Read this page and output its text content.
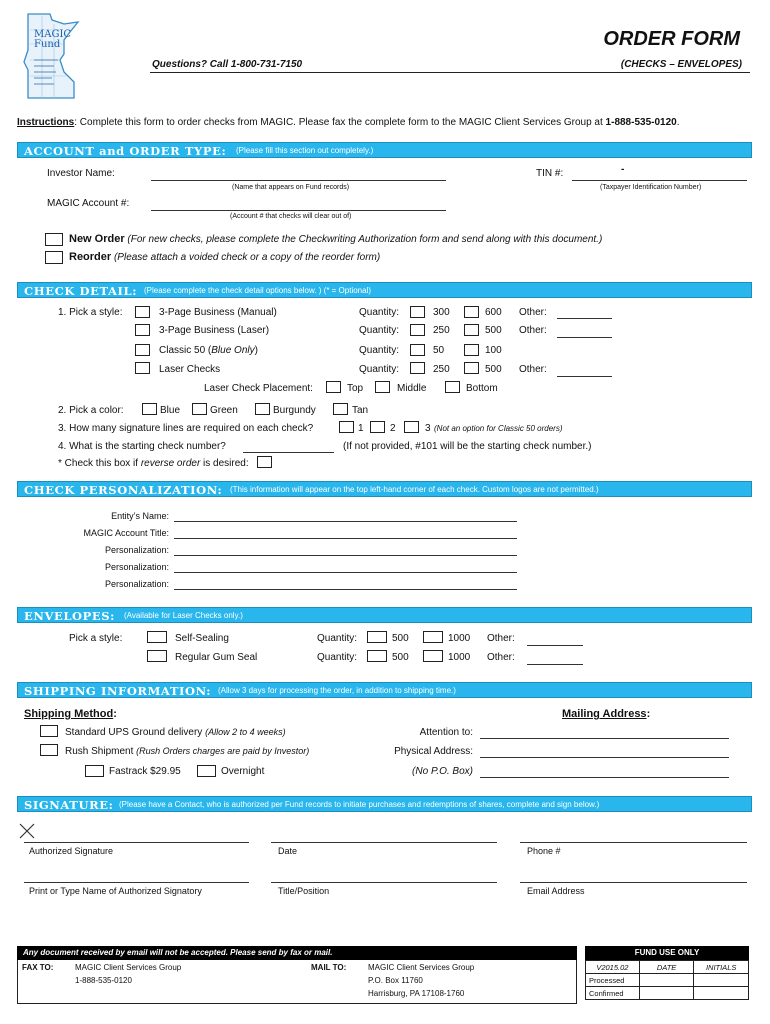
MAGIC Fund	ORDER FORM
Questions? Call 1-800-731-7150	(CHECKS – ENVELOPES)
Instructions: Complete this form to order checks from MAGIC. Please fax the complete form to the MAGIC Client Services Group at 1-888-535-0120.
ACCOUNT and ORDER TYPE: (Please fill this section out completely.)
Investor Name:
(Name that appears on Fund records)
TIN #:	-
(Taxpayer Identification Number)
MAGIC Account #:
(Account # that checks will clear out of)
New Order (For new checks, please complete the Checkwriting Authorization form and send along with this document.)
Reorder (Please attach a voided check or a copy of the reorder form)
CHECK DETAIL: (Please complete the check detail options below. ) (* = Optional)
1. Pick a style:	3-Page Business (Manual)	Quantity:	300	600 Other:
3-Page Business (Laser)	Quantity:	250	500 Other:
Classic 50 (Blue Only)	Quantity:	50	100
Laser Checks	Quantity:	250	500 Other:
Laser Check Placement:	Top	Middle	Bottom
2. Pick a color:	Blue	Green	Burgundy	Tan
3. How many signature lines are required on each check?	1	2	3 (Not an option for Classic 50 orders)
4. What is the starting check number?	(If not provided, #101 will be the starting check number.)
* Check this box if reverse order is desired:
CHECK PERSONALIZATION: (This information will appear on the top left-hand corner of each check. Custom logos are not permitted.)
Entity’s Name:
MAGIC Account Title:
Personalization:
Personalization:
Personalization:
ENVELOPES: (Available for Laser Checks only.)
Pick a style:	Self-Sealing	Quantity:	500	1000 Other:
Regular Gum Seal	Quantity:	500	1000 Other:
SHIPPING INFORMATION: (Allow 3 days for processing the order, in addition to shipping time.)
Shipping Method:
Standard UPS Ground delivery (Allow 2 to 4 weeks)
Rush Shipment (Rush Orders charges are paid by Investor)
Fastrack $29.95	Overnight
Mailing Address:
Attention to:
Physical Address:
(No P.O. Box)
SIGNATURE: (Please have a Contact, who is authorized per Fund records to initiate purchases and redemptions of shares, complete and sign below.)
Authorized Signature	Date	Phone #
Print or Type Name of Authorized Signatory	Title/Position	Email Address
Any document received by email will not be accepted. Please send by fax or mail.
FAX TO:	MAGIC Client Services Group
1-888-535-0120
MAIL TO:	MAGIC Client Services Group
P.O. Box 11760
Harrisburg, PA 17108-1760
FUND USE ONLY
V2015.02	DATE	INITIALS
Processed		
Confirmed		
